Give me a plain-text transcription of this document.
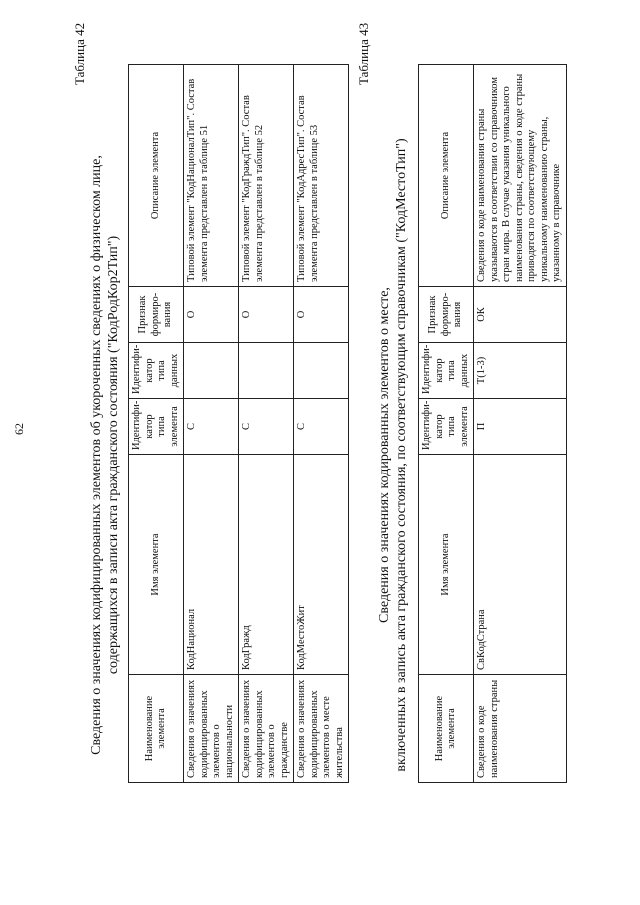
62
Таблица 42
Сведения о значениях кодифицированных элементов об укороченных сведениях о физическом лице, содержащихся в записи акта гражданского состояния ("КодРодКор2Тип")
Наименование элемента	Имя элемента	Идентифи-катор типа элемента	Идентифи-катор типа данных	Признак формиро-вания	Описание элемента
Сведения о значениях кодифицированных элементов о национальности	КодНационал	С		О	Типовой элемент "КодНационалТип". Состав элемента представлен в таблице 51
Сведения о значениях кодифицированных элементов о гражданстве	КодГражд	С		О	Типовой элемент "КодГраждТип". Состав элемента представлен в таблице 52
Сведения о значениях кодифицированных элементов о месте жительства	КодМестоЖит	С		О	Типовой элемент "КодАдресТип". Состав элемента представлен в таблице 53
Таблица 43
Сведения о значениях кодированных элементов о месте, включенных в запись акта гражданского состояния, по соответствующим справочникам ("КодМестоТип") Наименование элемента	Имя элемента	Идентифи-катор типа элемента	Идентифи-катор типа данных	Признак формиро-вания	Описание элемента
Сведения о коде наименования страны	СвКодСтрана	П	T(1-3)	ОК	Сведения о коде наименования страны указываются в соответствии со справочником стран мира. В случае указания уникального наименования страны, сведения о коде страны приводятся по соответствующему уникальному наименованию страны, указанному в справочнике
